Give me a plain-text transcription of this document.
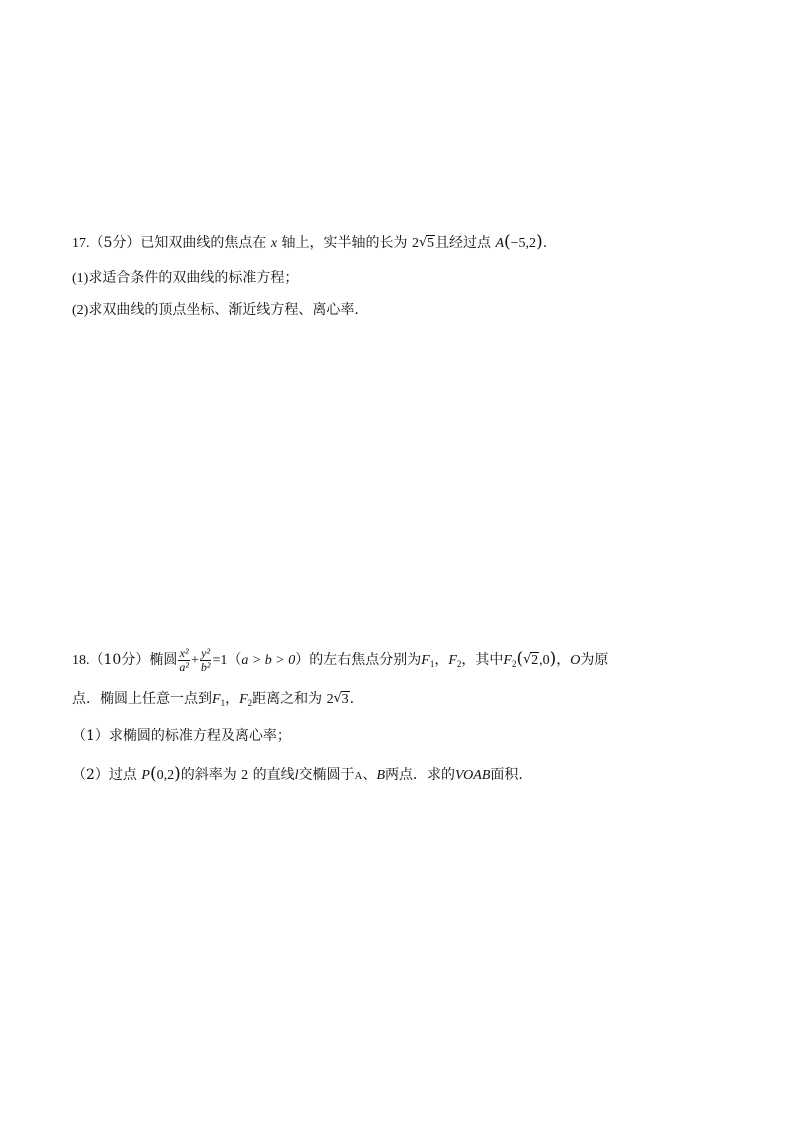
17.（5分）已知双曲线的焦点在 x 轴上，实半轴的长为 2√ 5且经过点 A(−5,2).
(1)求适合条件的双曲线的标准方程；
(2)求双曲线的顶点坐标、渐近线方程、离心率.
18.（10分）椭圆 $\frac{\text{x²}}{\text{a²}} + \frac{\text{y²}}{\text{b²}} =1(a > b > 0)$的左右焦点分别为$F_1$，$F_2$，其中$F_2(√$ 2,0)，O为原
点．椭圆上任意一点到$F_1$，$F_2$距离之和为 2√ 3.
（1）求椭圆的标准方程及离心率；
（2）过点 P(0,2)的斜率为 2 的直线l交椭圆于A、B两点．求的VOAB面积.
